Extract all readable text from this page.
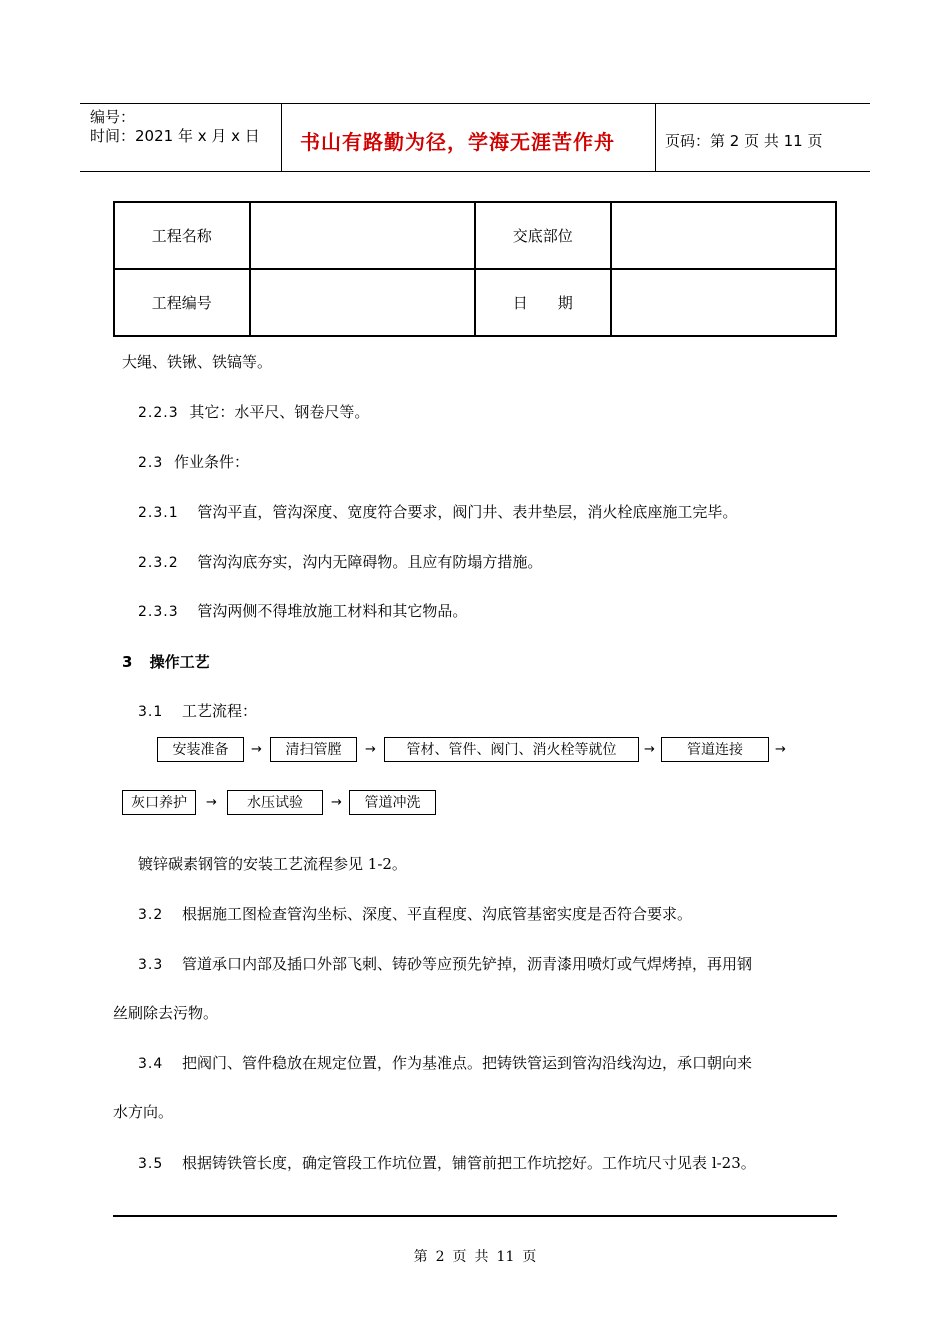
编号：
时间：2021 年 x 月 x 日 书山有路勤为径，学海无涯苦作舟	页码：第 2 页 共 11 页
工程名称		交底部位	
工程编号		日　　期	
大绳、铁锹、铁镐等。
2.2.3 其它：水平尺、钢卷尺等。
2.3 作业条件：
2.3.1 管沟平直，管沟深度、宽度符合要求，阀门井、表井垫层，消火栓底座施工完毕。
2.3.2 管沟沟底夯实，沟内无障碍物。且应有防塌方措施。
2.3.3 管沟两侧不得堆放施工材料和其它物品。
3 操作工艺
3.1 工艺流程：
安装准备	→	清扫管膛	→	管材、管件、阀门、消火栓等就位	→	管道连接	→
灰口养护	→	水压试验	→	管道冲洗
镀锌碳素钢管的安装工艺流程参见 1-2。
3.2 根据施工图检查管沟坐标、深度、平直程度、沟底管基密实度是否符合要求。
3.3 管道承口内部及插口外部飞刺、铸砂等应预先铲掉，沥青漆用喷灯或气焊烤掉，再用钢
丝刷除去污物。
3.4 把阀门、管件稳放在规定位置，作为基准点。把铸铁管运到管沟沿线沟边，承口朝向来
水方向。
3.5 根据铸铁管长度，确定管段工作坑位置，铺管前把工作坑挖好。工作坑尺寸见表 l-23。
第 2 页 共 11 页
